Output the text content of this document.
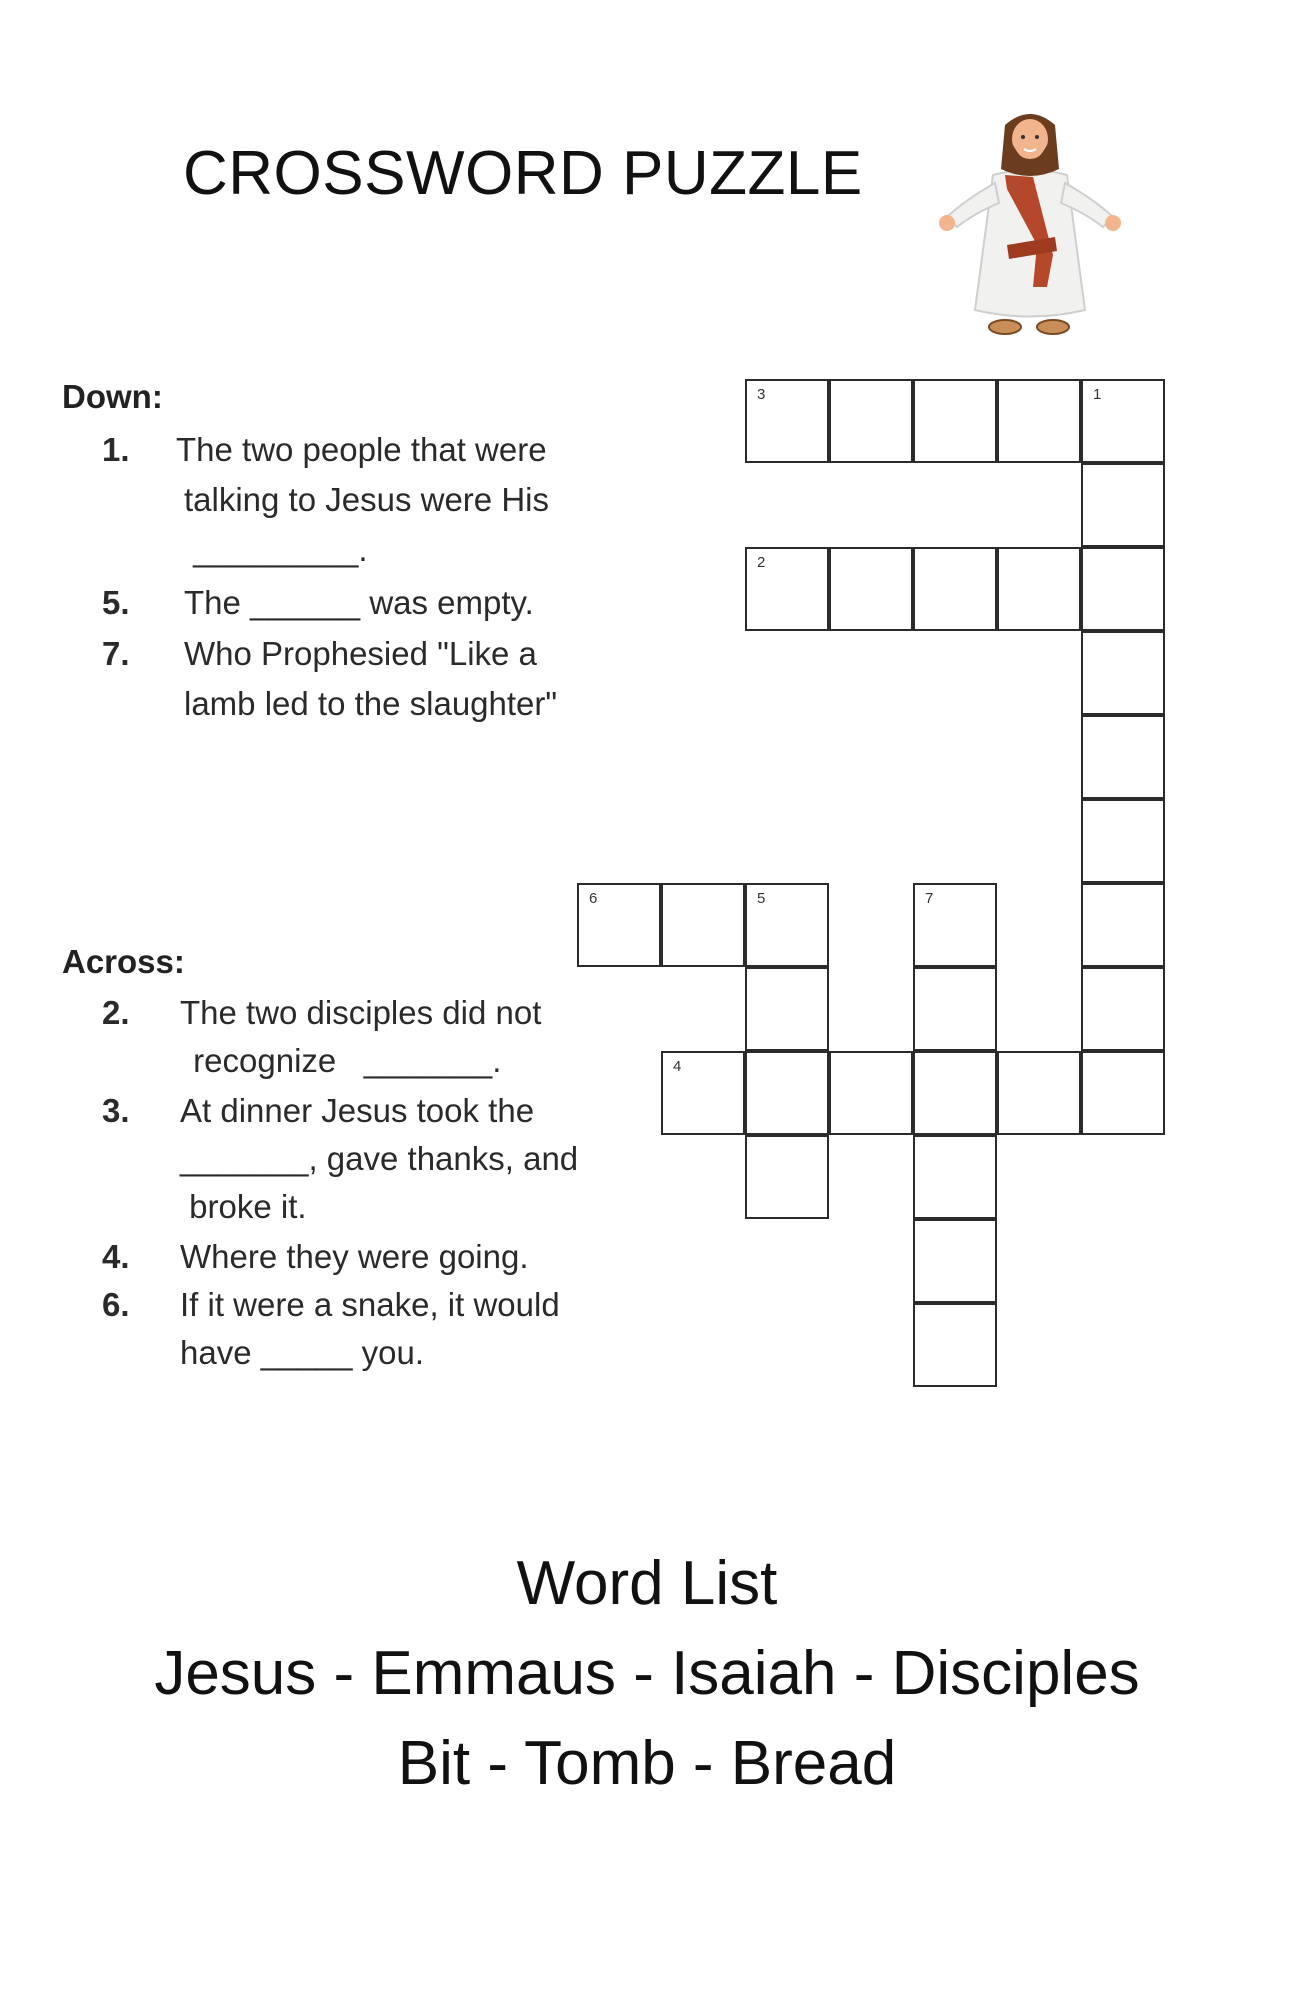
CROSSWORD PUZZLE
Down:
1. The two people that were
talking to Jesus were His
_________.
5. The ______ was empty.
7. Who Prophesied "Like a
lamb led to the slaughter"
Across:
2. The two disciples did not
recognize   _______.
3. At dinner Jesus took the
_______, gave thanks, and
broke it.
4. Where they were going.
6. If it were a snake, it would
have _____ you.
3	1
2
6	5	7
4
Word List
Jesus - Emmaus - Isaiah - Disciples
Bit - Tomb - Bread
